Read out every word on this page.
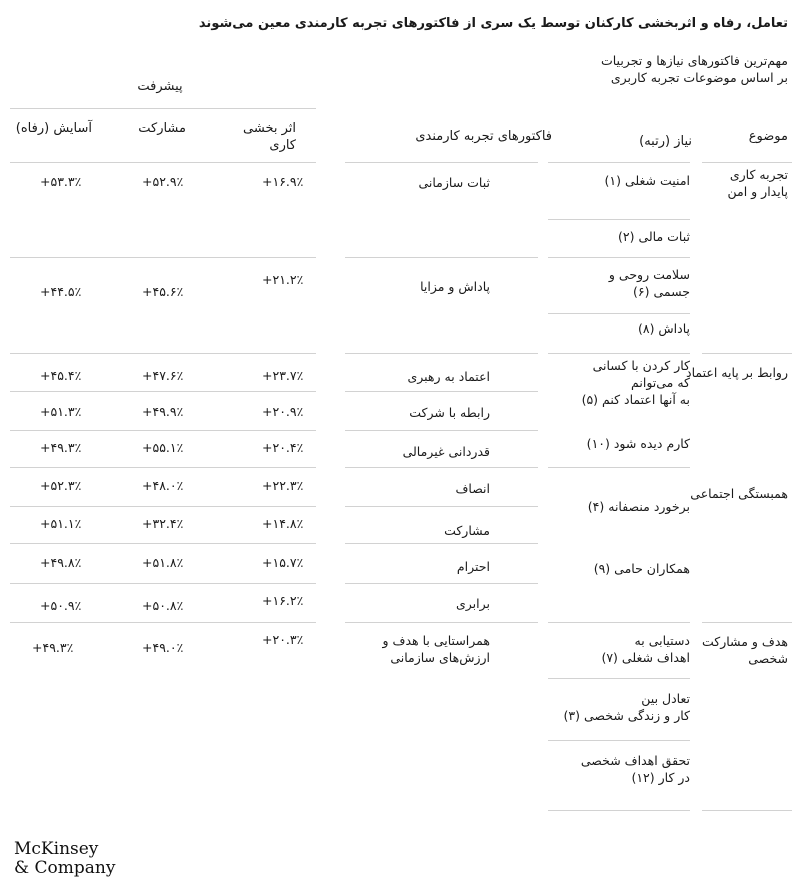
تعامل، رفاه و اثربخشی کارکنان توسط یک سری از فاکتورهای تجربه کارمندی معین می‌شوند
مهم‌ترین فاکتورهای نیازها و تجربیات
بر اساس موضوعات تجربه کاربری
پیشرفت
موضوع
نیاز (رتبه)
فاکتورهای تجربه کارمندی
اثر بخشی
کاری
مشارکت
آسایش (رفاه)
تجربه کاری
پایدار و امن
روابط بر پایه اعتماد
همبستگی اجتماعی
هدف و مشارکت
شخصی
امنیت شغلی (۱)
ثبات مالی (۲)
سلامت روحی و
جسمی (۶)
پاداش (۸)
کار کردن با کسانی
که می‌توانم
به آنها اعتماد کنم (۵)
کارم دیده شود (۱۰)
برخورد منصفانه (۴)
همکاران حامی (۹)
دستیابی به
اهداف شغلی (۷)
تعادل بین
کار و زندگی شخصی (۳)
تحقق اهداف شخصی
در کار (۱۲)
ثبات سازمانی
+۱۶.۹٪
+۵۲.۹٪
+۵۳.۳٪
پاداش و مزایا
+۲۱.۲٪
+۴۵.۶٪
+۴۴.۵٪
اعتماد به رهبری
+۲۳.۷٪
+۴۷.۶٪
+۴۵.۴٪
رابطه با شرکت
+۲۰.۹٪
+۴۹.۹٪
+۵۱.۳٪
قدردانی غیرمالی
+۲۰.۴٪
+۵۵.۱٪
+۴۹.۳٪
انصاف
+۲۲.۳٪
+۴۸.۰٪
+۵۲.۳٪
مشارکت
+۱۴.۸٪
+۳۲.۴٪
+۵۱.۱٪
احترام
+۱۵.۷٪
+۵۱.۸٪
+۴۹.۸٪
برابری
+۱۶.۲٪
+۵۰.۸٪
+۵۰.۹٪
همراستایی با هدف و
ارزش‌های سازمانی
+۲۰.۳٪
+۴۹.۰٪
+۴۹.۳٪
McKinsey
& Company
